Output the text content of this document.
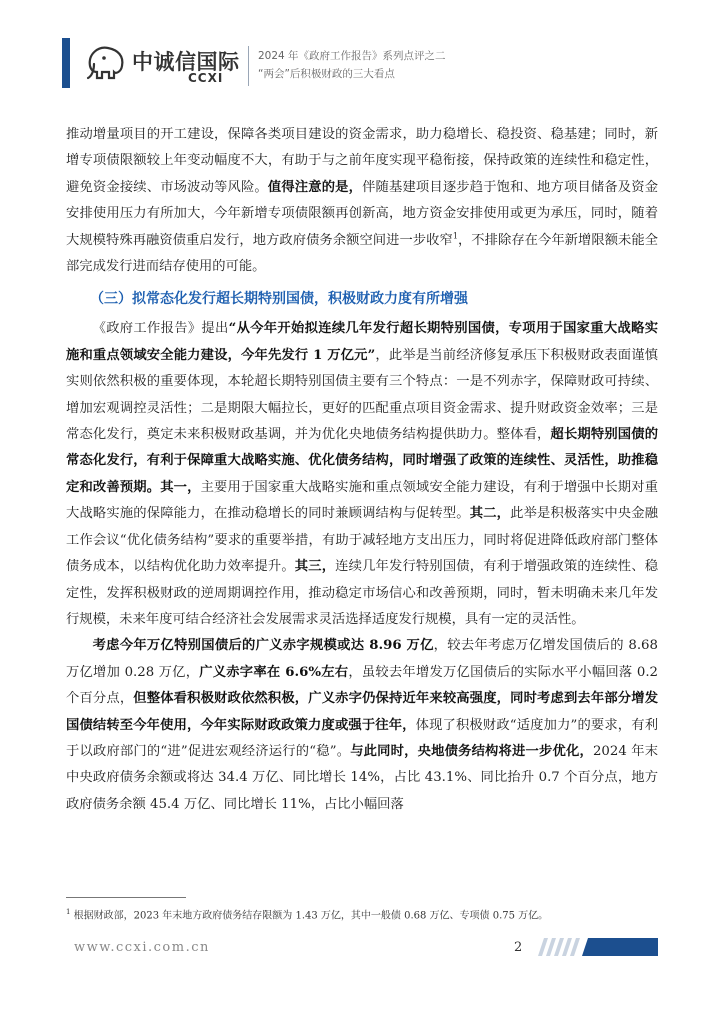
中诚信国际
CCXI
2024 年《政府工作报告》系列点评之二
“两会”后积极财政的三大看点

推动增量项目的开工建设，保障各类项目建设的资金需求，助力稳增长、稳投资、稳基建；同时，新增专项债限额较上年变动幅度不大，有助于与之前年度实现平稳衔接，保持政策的连续性和稳定性，避免资金接续、市场波动等风险。值得注意的是，伴随基建项目逐步趋于饱和、地方项目储备及资金安排使用压力有所加大，今年新增专项债限额再创新高，地方资金安排使用或更为承压，同时，随着大规模特殊再融资债重启发行，地方政府债务余额空间进一步收窄$^1$，不排除存在今年新增限额未能全部完成发行进而结存使用的可能。

（三）拟常态化发行超长期特别国债，积极财政力度有所增强

《政府工作报告》提出“从今年开始拟连续几年发行超长期特别国债，专项用于国家重大战略实施和重点领域安全能力建设，今年先发行 1 万亿元”，此举是当前经济修复承压下积极财政表面谨慎实则依然积极的重要体现，本轮超长期特别国债主要有三个特点：一是不列赤字，保障财政可持续、增加宏观调控灵活性；二是期限大幅拉长，更好的匹配重点项目资金需求、提升财政资金效率；三是常态化发行，奠定未来积极财政基调，并为优化央地债务结构提供助力。整体看，超长期特别国债的常态化发行，有利于保障重大战略实施、优化债务结构，同时增强了政策的连续性、灵活性，助推稳定和改善预期。其一，主要用于国家重大战略实施和重点领域安全能力建设，有利于增强中长期对重大战略实施的保障能力，在推动稳增长的同时兼顾调结构与促转型。其二，此举是积极落实中央金融工作会议“优化债务结构”要求的重要举措，有助于减轻地方支出压力，同时将促进降低政府部门整体债务成本，以结构优化助力效率提升。其三，连续几年发行特别国债，有利于增强政策的连续性、稳定性，发挥积极财政的逆周期调控作用，推动稳定市场信心和改善预期，同时，暂未明确未来几年发行规模，未来年度可结合经济社会发展需求灵活选择适度发行规模，具有一定的灵活性。

考虑今年万亿特别国债后的广义赤字规模或达 8.96 万亿，较去年考虑万亿增发国债后的 8.68 万亿增加 0.28 万亿，广义赤字率在 6.6%左右，虽较去年增发万亿国债后的实际水平小幅回落 0.2 个百分点，但整体看积极财政依然积极，广义赤字仍保持近年来较高强度，同时考虑到去年部分增发国债结转至今年使用，今年实际财政政策力度或强于往年，体现了积极财政“适度加力”的要求，有利于以政府部门的“进”促进宏观经济运行的“稳”。与此同时，央地债务结构将进一步优化，2024 年末中央政府债务余额或将达 34.4 万亿、同比增长 14%，占比 43.1%、同比抬升 0.7 个百分点，地方政府债务余额 45.4 万亿、同比增长 11%，占比小幅回落

$^1$ 根据财政部，2023 年末地方政府债务结存限额为 1.43 万亿，其中一般债 0.68 万亿、专项债 0.75 万亿。
www.ccxi.com.cn	2
